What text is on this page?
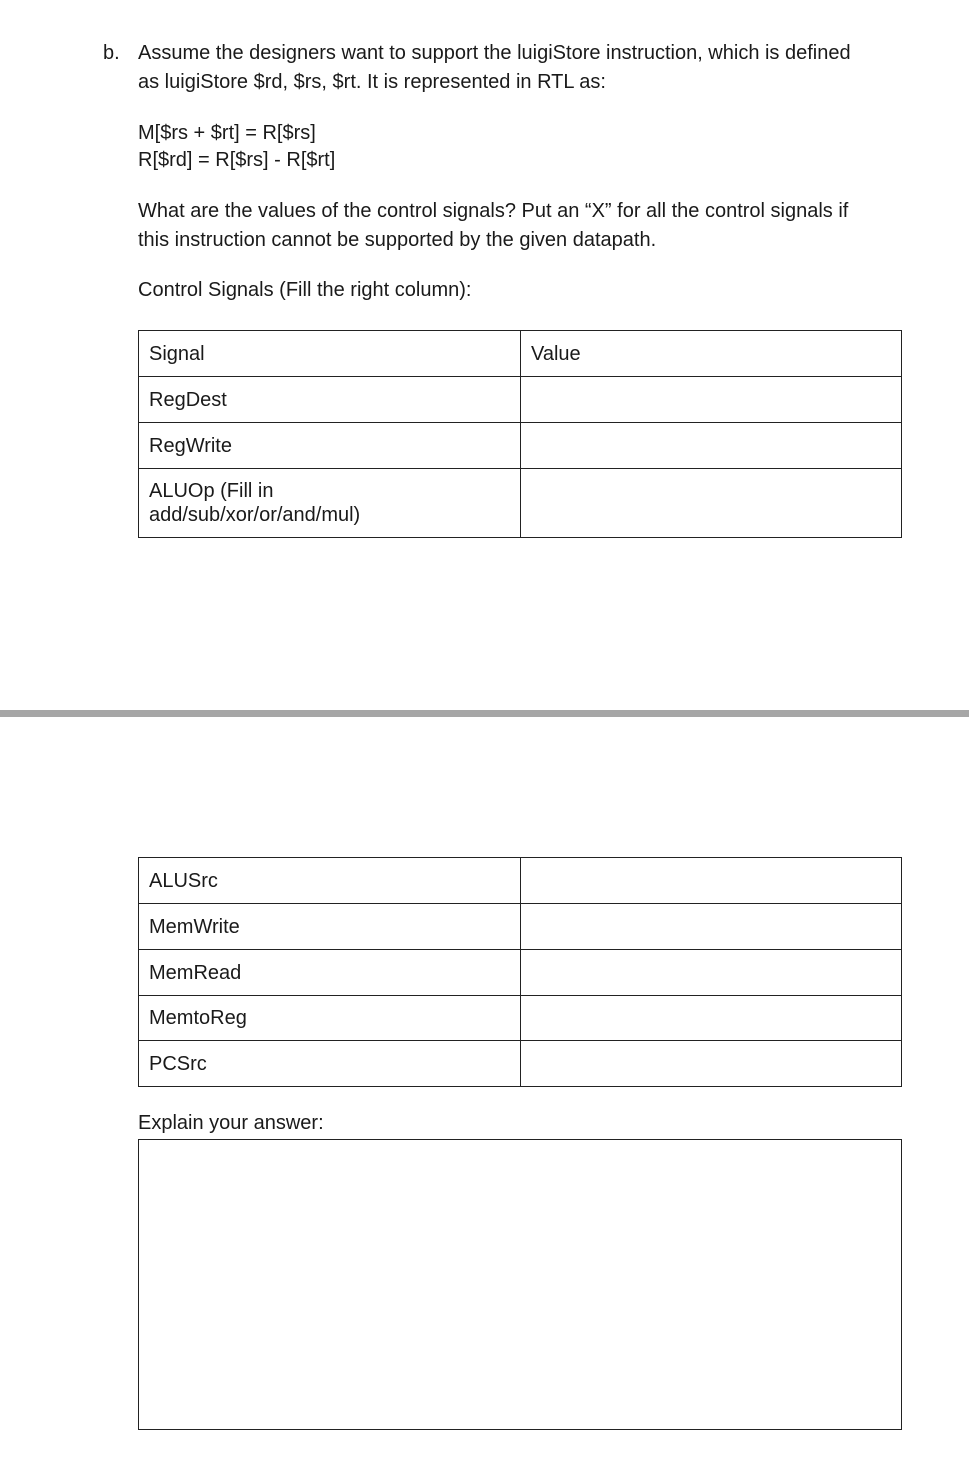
b. Assume the designers want to support the luigiStore instruction, which is defined
as luigiStore $rd, $rs, $rt. It is represented in RTL as:
M[$rs + $rt] = R[$rs]
R[$rd] = R[$rs] - R[$rt]
What are the values of the control signals? Put an “X” for all the control signals if
this instruction cannot be supported by the given datapath.
Control Signals (Fill the right column):
Signal	Value
RegDest	
RegWrite	

ALUOp (Fill in
add/sub/xor/or/and/mul)	

ALUSrc	
MemWrite	
MemRead	
MemtoReg	
PCSrc	
Explain your answer:
